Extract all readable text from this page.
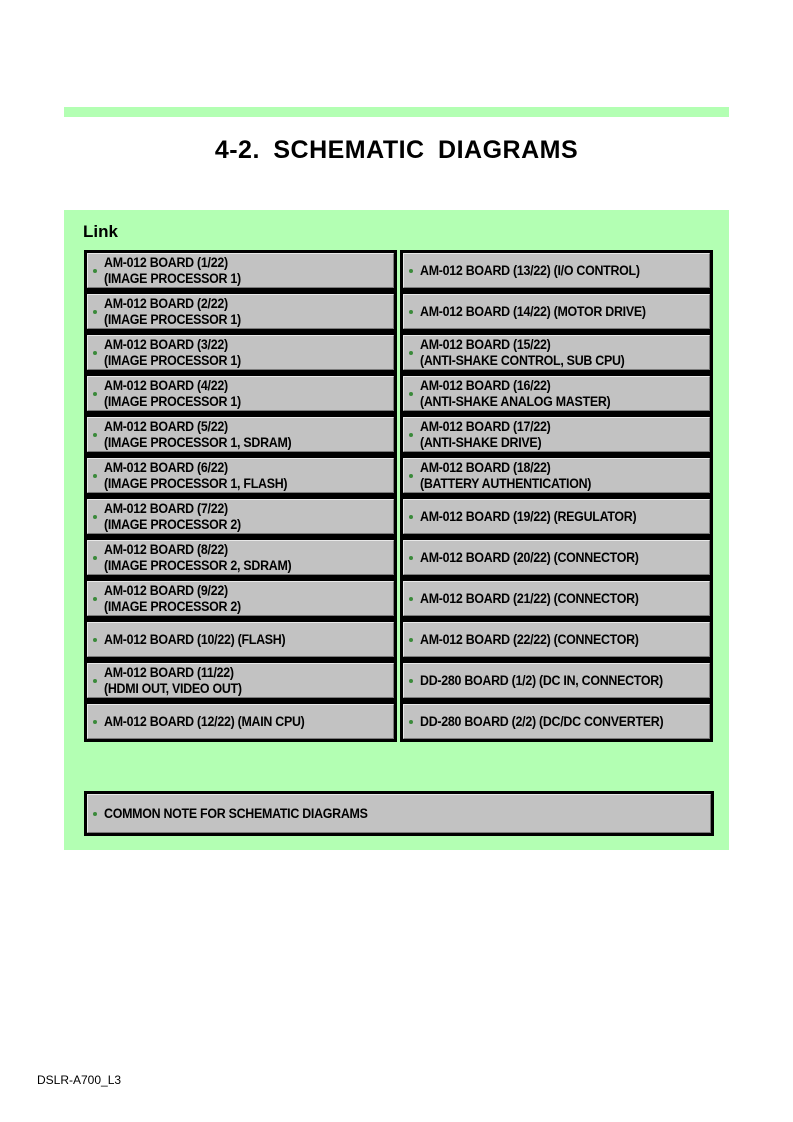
4-2. SCHEMATIC DIAGRAMS
Link
AM-012 BOARD (1/22)
(IMAGE PROCESSOR 1)
AM-012 BOARD (13/22) (I/O CONTROL)
AM-012 BOARD (2/22)
(IMAGE PROCESSOR 1)
AM-012 BOARD (14/22) (MOTOR DRIVE)
AM-012 BOARD (3/22)
(IMAGE PROCESSOR 1)
AM-012 BOARD (15/22)
(ANTI-SHAKE CONTROL, SUB CPU)
AM-012 BOARD (4/22)
(IMAGE PROCESSOR 1)
AM-012 BOARD (16/22)
(ANTI-SHAKE ANALOG MASTER)
AM-012 BOARD (5/22)
(IMAGE PROCESSOR 1, SDRAM)
AM-012 BOARD (17/22)
(ANTI-SHAKE DRIVE)
AM-012 BOARD (6/22)
(IMAGE PROCESSOR 1, FLASH)
AM-012 BOARD (18/22)
(BATTERY AUTHENTICATION)
AM-012 BOARD (7/22)
(IMAGE PROCESSOR 2)
AM-012 BOARD (19/22) (REGULATOR)
AM-012 BOARD (8/22)
(IMAGE PROCESSOR 2, SDRAM)
AM-012 BOARD (20/22) (CONNECTOR)
AM-012 BOARD (9/22)
(IMAGE PROCESSOR 2)
AM-012 BOARD (21/22) (CONNECTOR)
AM-012 BOARD (10/22) (FLASH)	AM-012 BOARD (22/22) (CONNECTOR)
AM-012 BOARD (11/22)
(HDMI OUT, VIDEO OUT)
DD-280 BOARD (1/2) (DC IN, CONNECTOR)
AM-012 BOARD (12/22) (MAIN CPU)	DD-280 BOARD (2/2) (DC/DC CONVERTER)
COMMON NOTE FOR SCHEMATIC DIAGRAMS
DSLR-A700_L3
